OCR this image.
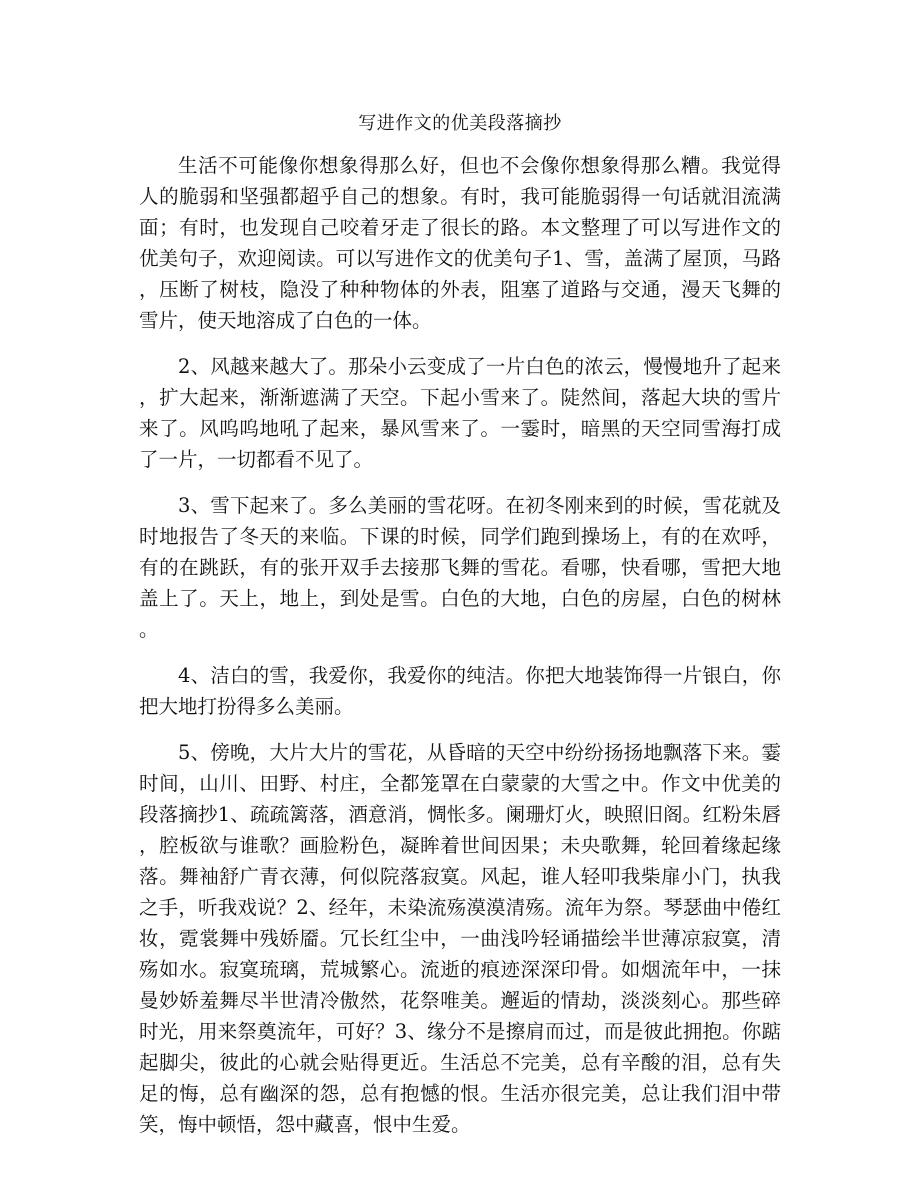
写进作文的优美段落摘抄

生活不可能像你想象得那么好，但也不会像你想象得那么糟。我觉得人的脆弱和坚强都超乎自己的想象。有时，我可能脆弱得一句话就泪流满面；有时，也发现自己咬着牙走了很长的路。本文整理了可以写进作文的优美句子，欢迎阅读。可以写进作文的优美句子1、雪，盖满了屋顶，马路，压断了树枝，隐没了种种物体的外表，阻塞了道路与交通，漫天飞舞的雪片，使天地溶成了白色的一体。

2、风越来越大了。那朵小云变成了一片白色的浓云，慢慢地升了起来，扩大起来，渐渐遮满了天空。下起小雪来了。陡然间，落起大块的雪片来了。风呜呜地吼了起来，暴风雪来了。一霎时，暗黑的天空同雪海打成了一片，一切都看不见了。

3、雪下起来了。多么美丽的雪花呀。在初冬刚来到的时候，雪花就及时地报告了冬天的来临。下课的时候，同学们跑到操场上，有的在欢呼，有的在跳跃，有的张开双手去接那飞舞的雪花。看哪，快看哪，雪把大地盖上了。天上，地上，到处是雪。白色的大地，白色的房屋，白色的树林。

4、洁白的雪，我爱你，我爱你的纯洁。你把大地装饰得一片银白，你把大地打扮得多么美丽。

5、傍晚，大片大片的雪花，从昏暗的天空中纷纷扬扬地飘落下来。霎时间，山川、田野、村庄，全都笼罩在白蒙蒙的大雪之中。作文中优美的段落摘抄1、疏疏篱落，酒意消，惆怅多。阑珊灯火，映照旧阁。红粉朱唇，腔板欲与谁歌？画脸粉色，凝眸着世间因果；未央歌舞，轮回着缘起缘落。舞袖舒广青衣薄，何似院落寂寞。风起，谁人轻叩我柴扉小门，执我之手，听我戏说？2、经年，未染流殇漠漠清殇。流年为祭。琴瑟曲中倦红妆，霓裳舞中残娇靥。冗长红尘中，一曲浅吟轻诵描绘半世薄凉寂寞，清殇如水。寂寞琉璃，荒城繁心。流逝的痕迹深深印骨。如烟流年中，一抹曼妙娇羞舞尽半世清冷傲然，花祭唯美。邂逅的情劫，淡淡刻心。那些碎时光，用来祭奠流年，可好？3、缘分不是擦肩而过，而是彼此拥抱。你踮起脚尖，彼此的心就会贴得更近。生活总不完美，总有辛酸的泪，总有失足的悔，总有幽深的怨，总有抱憾的恨。生活亦很完美，总让我们泪中带笑，悔中顿悟，怨中藏喜，恨中生爱。
